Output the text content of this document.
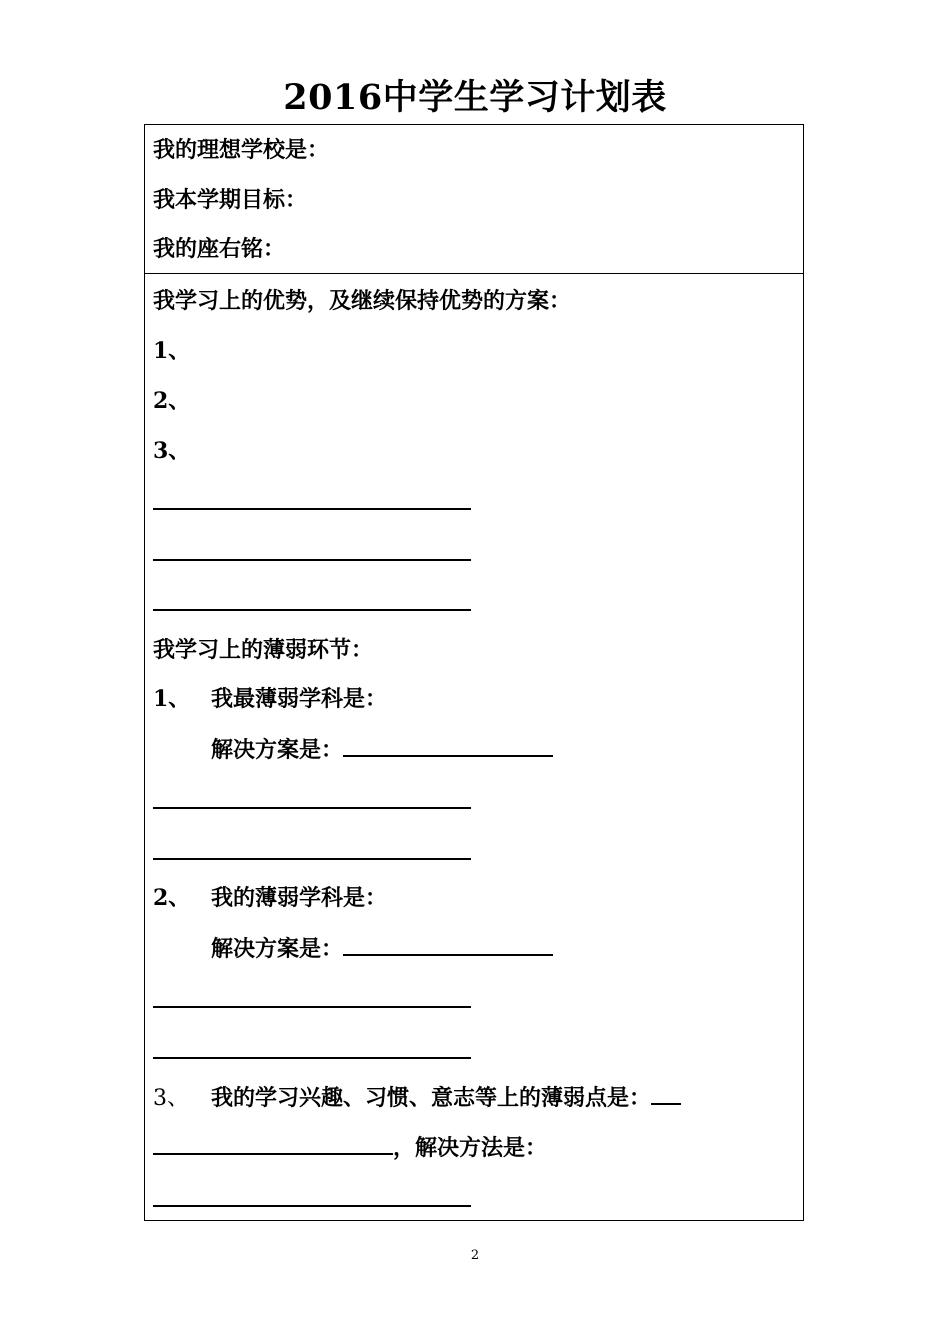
2016中学生学习计划表
我的理想学校是：
我本学期目标：
我的座右铭：
我学习上的优势，及继续保持优势的方案：
1、
2、
3、
我学习上的薄弱环节：
1、 我最薄弱学科是：
解决方案是：
2、 我的薄弱学科是：
解决方案是：
3、 我的学习兴趣、习惯、意志等上的薄弱点是：
，解决方法是：
2
